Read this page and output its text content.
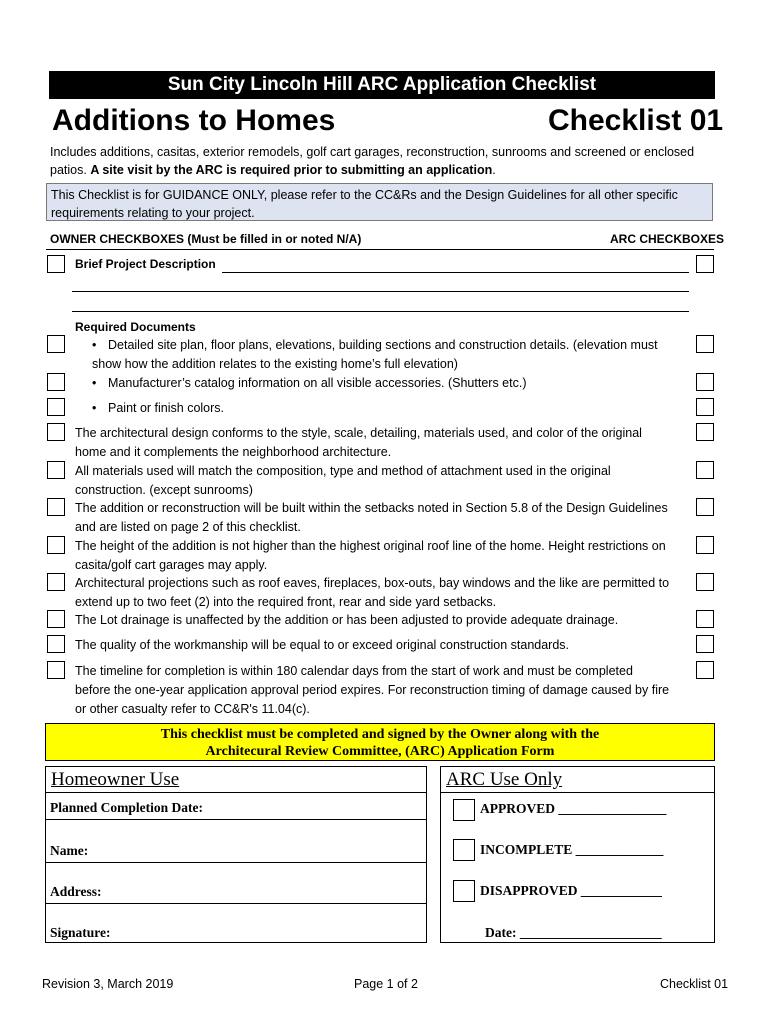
Sun City Lincoln Hill ARC Application Checklist
Additions to Homes	Checklist 01
Includes additions, casitas, exterior remodels, golf cart garages, reconstruction, sunrooms and screened or enclosed patios. A site visit by the ARC is required prior to submitting an application.
This Checklist is for GUIDANCE ONLY, please refer to the CC&Rs and the Design Guidelines for all other specific requirements relating to your project.
OWNER CHECKBOXES (Must be filled in or noted N/A)	ARC CHECKBOXES
Brief Project Description
Required Documents
• Detailed site plan, floor plans, elevations, building sections and construction details. (elevation must
show how the addition relates to the existing home’s full elevation)
• Manufacturer’s catalog information on all visible accessories. (Shutters etc.)
• Paint or finish colors.
The architectural design conforms to the style, scale, detailing, materials used, and color of the original
home and it complements the neighborhood architecture.
All materials used will match the composition, type and method of attachment used in the original
construction. (except sunrooms)
The addition or reconstruction will be built within the setbacks noted in Section 5.8 of the Design Guidelines
and are listed on page 2 of this checklist.
The height of the addition is not higher than the highest original roof line of the home. Height restrictions on
casita/golf cart garages may apply.
Architectural projections such as roof eaves, fireplaces, box-outs, bay windows and the like are permitted to
extend up to two feet (2) into the required front, rear and side yard setbacks.
The Lot drainage is unaffected by the addition or has been adjusted to provide adequate drainage.
The quality of the workmanship will be equal to or exceed original construction standards.
The timeline for completion is within 180 calendar days from the start of work and must be completed
before the one-year application approval period expires. For reconstruction timing of damage caused by fire
or other casualty refer to CC&R's 11.04(c).
This checklist must be completed and signed by the Owner along with the
Architecural Review Committee, (ARC) Application Form
Homeowner Use
Planned Completion Date:
Name:
Address:
Signature:
ARC Use Only
APPROVED ________________
INCOMPLETE _____________
DISAPPROVED ____________
Date: _____________________
Revision 3, March 2019	Page 1 of 2	Checklist 01
